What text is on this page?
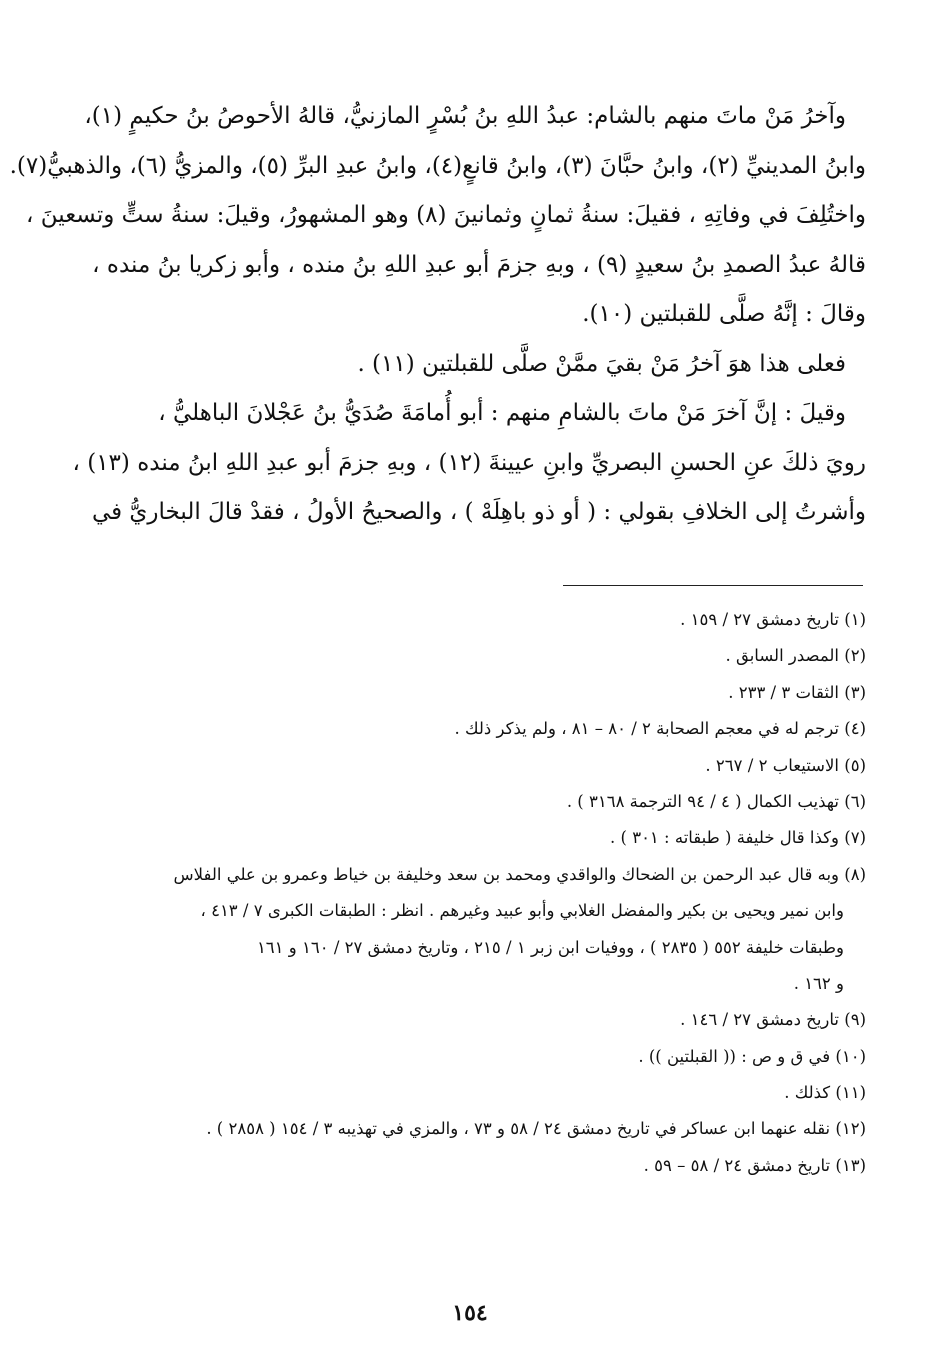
وآخرُ مَنْ ماتَ منهم بالشام: عبدُ اللهِ بنُ بُسْرٍ المازنيُّ، قالهُ الأحوصُ بنُ حكيمٍ (١)،
وابنُ المدينيِّ (٢)، وابنُ حبَّانَ (٣)، وابنُ قانعٍ(٤)، وابنُ عبدِ البرِّ (٥)، والمزيُّ (٦)، والذهبيُّ(٧).
واختُلِفَ في وفاتِهِ ، فقيلَ: سنةُ ثمانٍ وثمانينَ (٨) وهو المشهورُ، وقيلَ: سنةُ ستٍّ وتسعينَ ،
قالهُ عبدُ الصمدِ بنُ سعيدٍ (٩) ، وبهِ جزمَ أبو عبدِ اللهِ بنُ منده ، وأبو زكريا بنُ منده ،
وقالَ : إنَّهُ صلَّى للقبلتين (١٠).
فعلى هذا هوَ آخرُ مَنْ بقيَ ممَّنْ صلَّى للقبلتين (١١) .
وقيلَ : إنَّ آخرَ مَنْ ماتَ بالشامِ منهم : أبو أُمامَةَ صُدَيُّ بنُ عَجْلانَ الباهليُّ ،
رويَ ذلكَ عنِ الحسنِ البصريِّ وابنِ عيينةَ (١٢) ، وبهِ جزمَ أبو عبدِ اللهِ ابنُ منده (١٣) ،
وأشرتُ إلى الخلافِ بقولي : ( أو ذو باهِلَهْ ) ، والصحيحُ الأولُ ، فقدْ قالَ البخاريُّ في
(١) تاريخ دمشق ٢٧ / ١٥٩ .
(٢) المصدر السابق .
(٣) الثقات ٣ / ٢٣٣ .
(٤) ترجم له في معجم الصحابة ٢ / ٨٠ – ٨١ ، ولم يذكر ذلك .
(٥) الاستيعاب ٢ / ٢٦٧ .
(٦) تهذيب الكمال ( ٤ / ٩٤ الترجمة ٣١٦٨ ) .
(٧) وكذا قال خليفة ( طبقاته : ٣٠١ ) .
(٨) وبه قال عبد الرحمن بن الضحاك والواقدي ومحمد بن سعد وخليفة بن خياط وعمرو بن علي الفلاس
وابن نمير ويحيى بن بكير والمفضل الغلابي وأبو عبيد وغيرهم . انظر : الطبقات الكبرى ٧ / ٤١٣ ،
وطبقات خليفة ٥٥٢ ( ٢٨٣٥ ) ، ووفيات ابن زبر ١ / ٢١٥ ، وتاريخ دمشق ٢٧ / ١٦٠ و ١٦١
و ١٦٢ .
(٩) تاريخ دمشق ٢٧ / ١٤٦ .
(١٠) في ق و ص : (( القبلتين )) .
(١١) كذلك .
(١٢) نقله عنهما ابن عساكر في تاريخ دمشق ٢٤ / ٥٨ و ٧٣ ، والمزي في تهذيبه ٣ / ١٥٤ ( ٢٨٥٨ ) .
(١٣) تاريخ دمشق ٢٤ / ٥٨ – ٥٩ .
١٥٤
